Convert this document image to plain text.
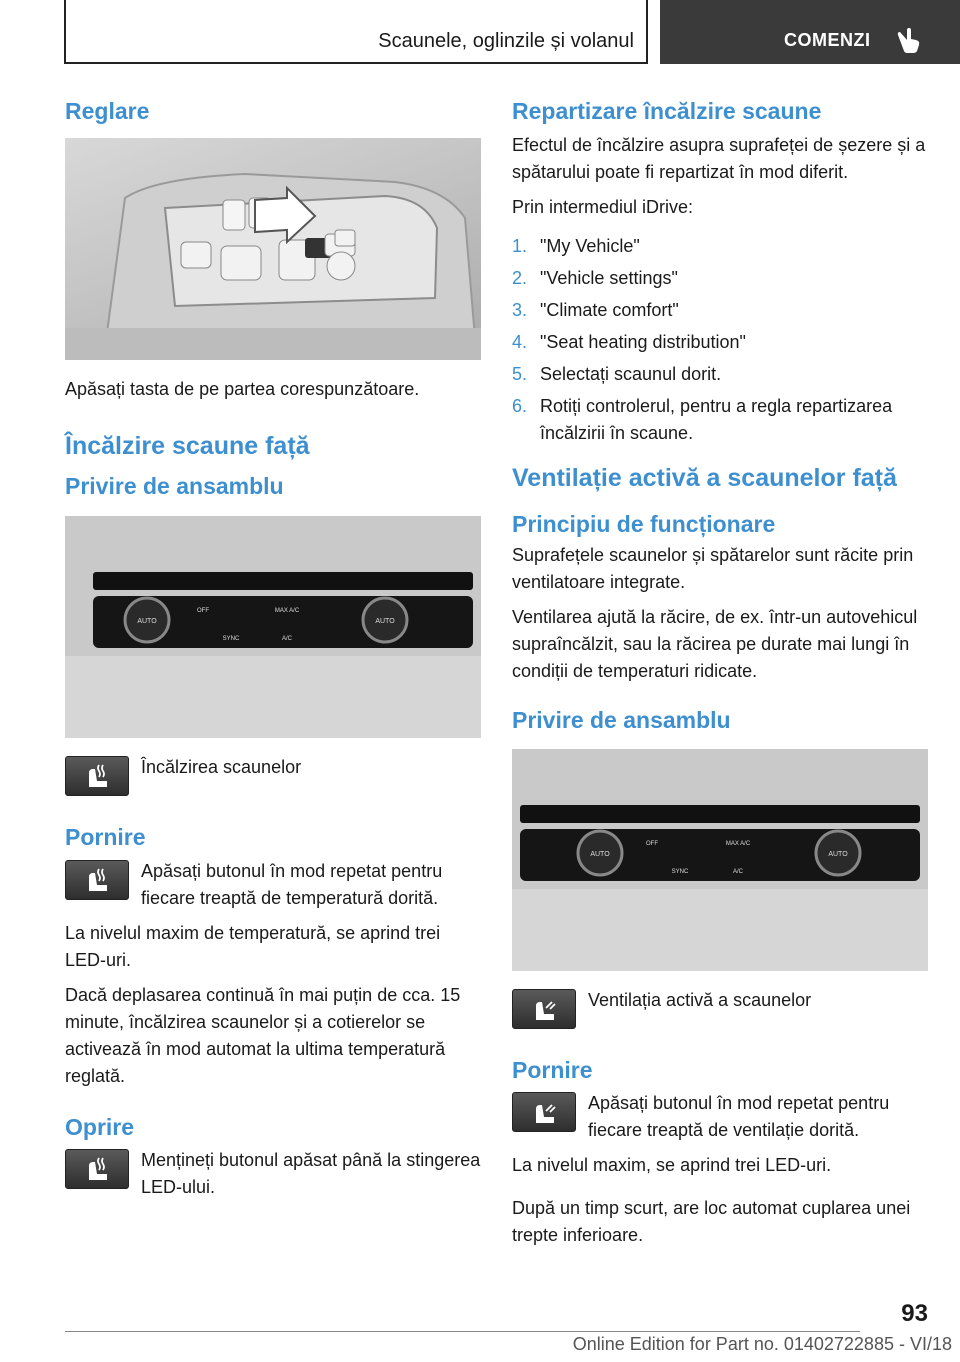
Scaunele, oglinzile și volanul	COMENZI
Reglare

Apăsați tasta de pe partea corespunzătoare.

Încălzire scaune față
Privire de ansamblu
AUTO	AUTO
OFF	MAX A/C
SYNC	A/C

Încălzirea scaunelor

Pornire

Apăsați butonul în mod repetat pentru fiecare treaptă de temperatură dorită.

La nivelul maxim de temperatură, se aprind trei LED-uri.

Dacă deplasarea continuă în mai puțin de cca. 15 minute, încălzirea scaunelor și a cotierelor se activează în mod automat la ultima temperatură reglată.

Oprire

Mențineți butonul apăsat până la stingerea LED-ului.

Repartizare încălzire scaune

Efectul de încălzire asupra suprafeței de șezere și a spătarului poate fi repartizat în mod diferit.

Prin intermediul iDrive:

1. "My Vehicle"
2. "Vehicle settings"
3. "Climate comfort"
4. "Seat heating distribution"
5. Selectați scaunul dorit.
6. Rotiți controlerul, pentru a regla repartizarea încălzirii în scaune.
Ventilație activă a scaunelor față
Principiu de funcționare

Suprafețele scaunelor și spătarelor sunt răcite prin ventilatoare integrate.

Ventilarea ajută la răcire, de ex. într-un autovehicul supraîncălzit, sau la răcirea pe durate mai lungi în condiții de temperaturi ridicate.

Privire de ansamblu
AUTO	AUTO
OFF	MAX A/C
SYNC	A/C

Ventilația activă a scaunelor

Pornire

Apăsați butonul în mod repetat pentru fiecare treaptă de ventilație dorită.

La nivelul maxim, se aprind trei LED-uri.

După un timp scurt, are loc automat cuplarea unei trepte inferioare.

93
Online Edition for Part no. 01402722885 - VI/18
